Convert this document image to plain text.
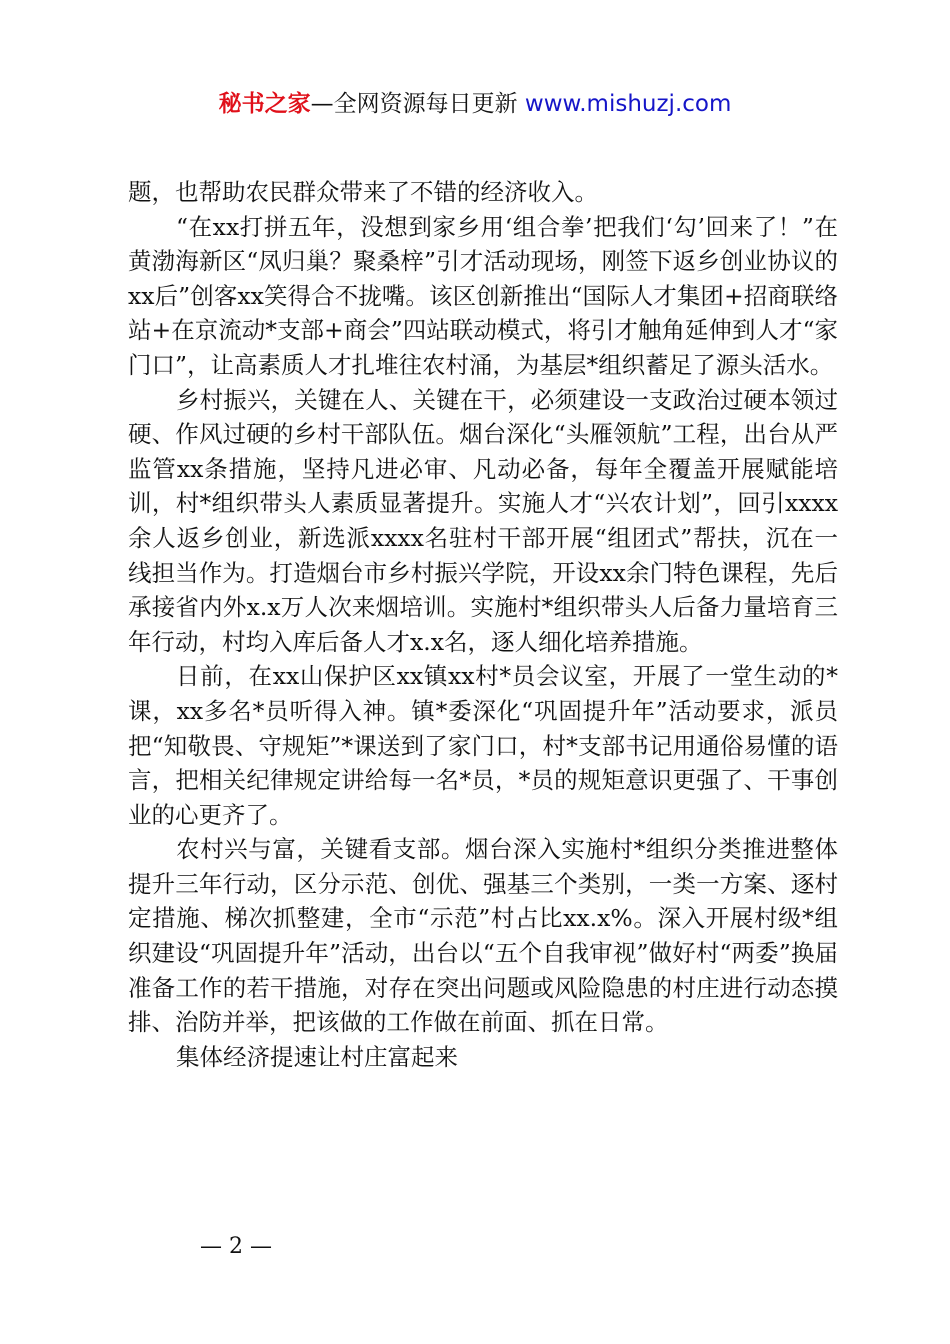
秘书之家—全网资源每日更新 www.mishuzj.com

题，也帮助农民群众带来了不错的经济收入。

“在xx打拼五年，没想到家乡用‘组合拳’把我们‘勾’回来了！”在黄渤海新区“凤归巢？聚桑梓”引才活动现场，刚签下返乡创业协议的xx后”创客xx笑得合不拢嘴。该区创新推出“国际人才集团+招商联络站+在京流动*支部+商会”四站联动模式，将引才触角延伸到人才“家门口”，让高素质人才扎堆往农村涌，为基层*组织蓄足了源头活水。

乡村振兴，关键在人、关键在干，必须建设一支政治过硬本领过硬、作风过硬的乡村干部队伍。烟台深化“头雁领航”工程，出台从严监管xx条措施，坚持凡进必审、凡动必备，每年全覆盖开展赋能培训，村*组织带头人素质显著提升。实施人才“兴农计划”，回引xxxx余人返乡创业，新选派xxxx名驻村干部开展“组团式”帮扶，沉在一线担当作为。打造烟台市乡村振兴学院，开设xx余门特色课程，先后承接省内外x.x万人次来烟培训。实施村*组织带头人后备力量培育三年行动，村均入库后备人才x.x名，逐人细化培养措施。

日前，在xx山保护区xx镇xx村*员会议室，开展了一堂生动的*课，xx多名*员听得入神。镇*委深化“巩固提升年”活动要求，派员把“知敬畏、守规矩”*课送到了家门口，村*支部书记用通俗易懂的语言，把相关纪律规定讲给每一名*员，*员的规矩意识更强了、干事创业的心更齐了。

农村兴与富，关键看支部。烟台深入实施村*组织分类推进整体提升三年行动，区分示范、创优、强基三个类别，一类一方案、逐村定措施、梯次抓整建，全市“示范”村占比xx.x%。深入开展村级*组织建设“巩固提升年”活动，出台以“五个自我审视”做好村“两委”换届准备工作的若干措施，对存在突出问题或风险隐患的村庄进行动态摸排、治防并举，把该做的工作做在前面、抓在日常。

集体经济提速让村庄富起来

— 2 —
